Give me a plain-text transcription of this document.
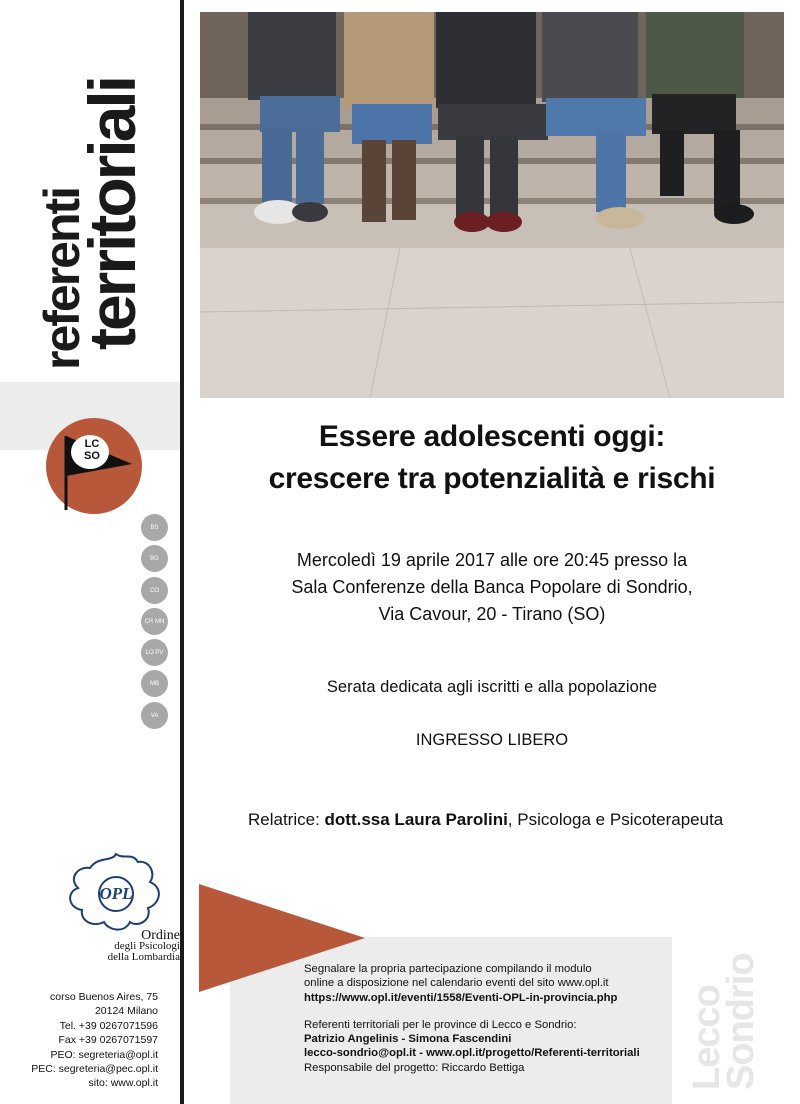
referenti
territoriali
LC
SO
BS
BG
CO
CR MN
LO PV
MB
VA
OPL
Ordine
degli Psicologi
della Lombardia
corso Buenos Aires, 75
20124 Milano
Tel. +39 0267071596
Fax +39 0267071597
PEO: segreteria@opl.it
PEC: segreteria@pec.opl.it
sito: www.opl.it
Essere adolescenti oggi:
crescere tra potenzialità e rischi
Mercoledì 19 aprile 2017 alle ore 20:45 presso la
Sala Conferenze della Banca Popolare di Sondrio,
Via Cavour, 20 - Tirano (SO)
Serata dedicata agli iscritti e alla popolazione
INGRESSO LIBERO
Relatrice: dott.ssa Laura Parolini, Psicologa e Psicoterapeuta
Lecco
Sondrio
Segnalare la propria partecipazione compilando il modulo
online a disposizione nel calendario eventi del sito www.opl.it
https://www.opl.it/eventi/1558/Eventi-OPL-in-provincia.php
Referenti territoriali per le province di Lecco e Sondrio:
Patrizio Angelinis - Simona Fascendini
lecco-sondrio@opl.it - www.opl.it/progetto/Referenti-territoriali
Responsabile del progetto: Riccardo Bettiga
